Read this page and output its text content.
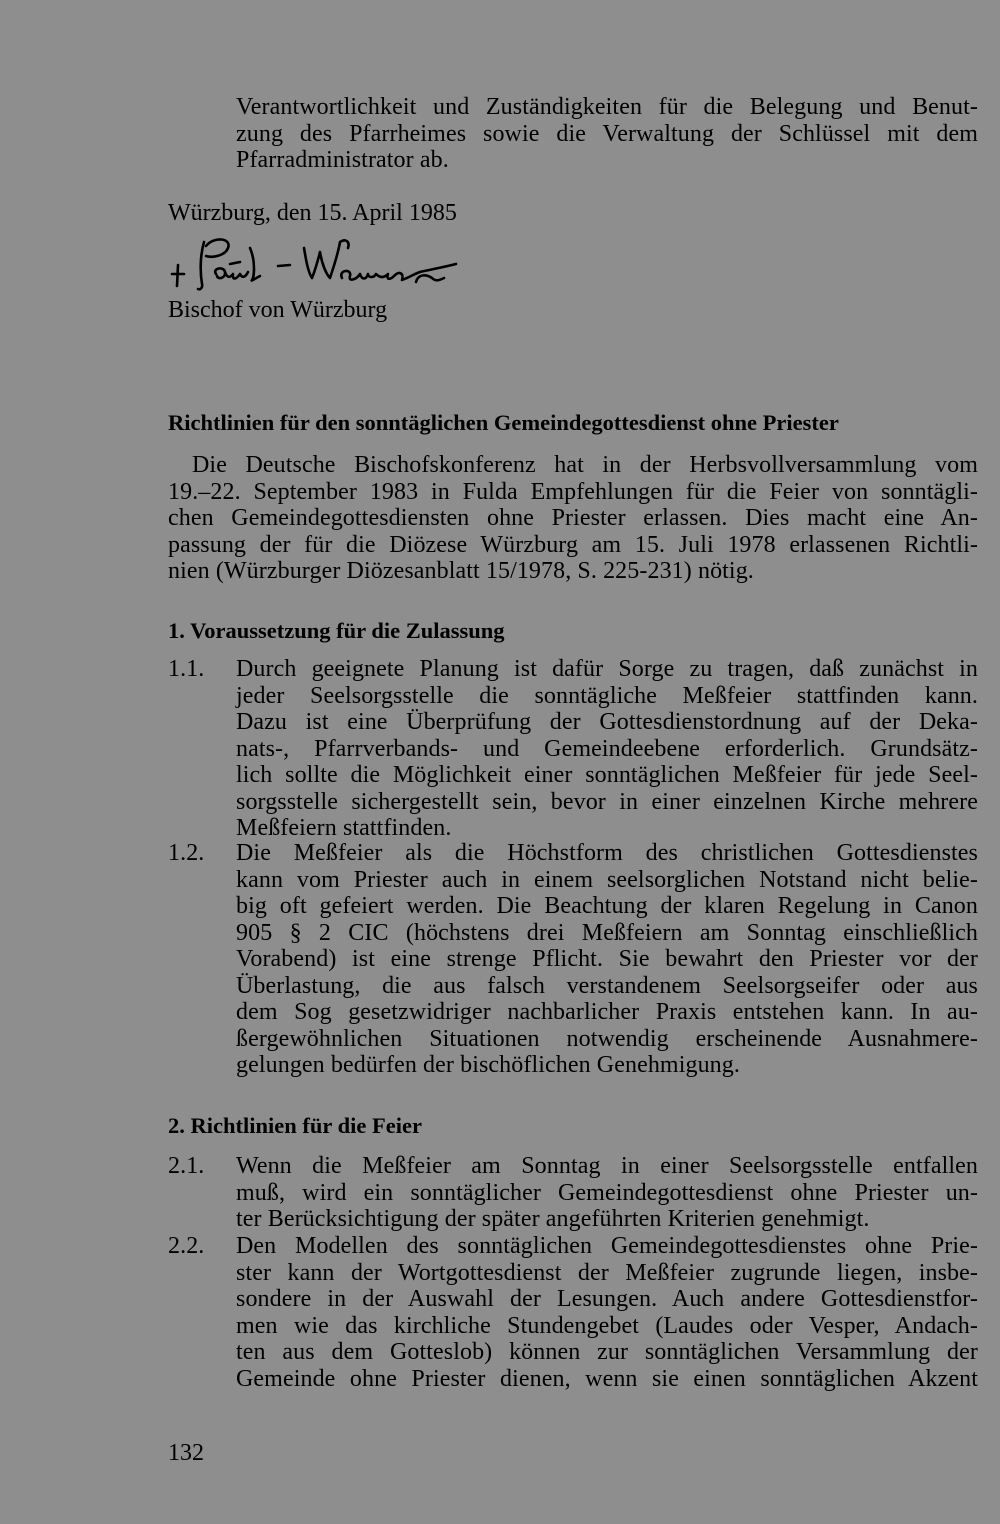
Verantwortlichkeit und Zuständigkeiten für die Belegung und Benut-
zung des Pfarrheimes sowie die Verwaltung der Schlüssel mit dem
Pfarradministrator ab.
Würzburg, den 15. April 1985
Bischof von Würzburg
Richtlinien für den sonntäglichen Gemeindegottesdienst ohne Priester
Die Deutsche Bischofskonferenz hat in der Herbsvollversammlung vom
19.–22. September 1983 in Fulda Empfehlungen für die Feier von sonntägli-
chen Gemeindegottesdiensten ohne Priester erlassen. Dies macht eine An-
passung der für die Diözese Würzburg am 15. Juli 1978 erlassenen Richtli-
nien (Würzburger Diözesanblatt 15/1978, S. 225-231) nötig.
1. Voraussetzung für die Zulassung
1.1.	Durch geeignete Planung ist dafür Sorge zu tragen, daß zunächst in
jeder Seelsorgsstelle die sonntägliche Meßfeier stattfinden kann.
Dazu ist eine Überprüfung der Gottesdienstordnung auf der Deka-
nats-, Pfarrverbands- und Gemeindeebene erforderlich. Grundsätz-
lich sollte die Möglichkeit einer sonntäglichen Meßfeier für jede Seel-
sorgsstelle sichergestellt sein, bevor in einer einzelnen Kirche mehrere
Meßfeiern stattfinden.
1.2.	Die Meßfeier als die Höchstform des christlichen Gottesdienstes
kann vom Priester auch in einem seelsorglichen Notstand nicht belie-
big oft gefeiert werden. Die Beachtung der klaren Regelung in Canon
905 § 2 CIC (höchstens drei Meßfeiern am Sonntag einschließlich
Vorabend) ist eine strenge Pflicht. Sie bewahrt den Priester vor der
Überlastung, die aus falsch verstandenem Seelsorgseifer oder aus
dem Sog gesetzwidriger nachbarlicher Praxis entstehen kann. In au-
ßergewöhnlichen Situationen notwendig erscheinende Ausnahmere-
gelungen bedürfen der bischöflichen Genehmigung.
2. Richtlinien für die Feier
2.1.	Wenn die Meßfeier am Sonntag in einer Seelsorgsstelle entfallen
muß, wird ein sonntäglicher Gemeindegottesdienst ohne Priester un-
ter Berücksichtigung der später angeführten Kriterien genehmigt.
2.2.	Den Modellen des sonntäglichen Gemeindegottesdienstes ohne Prie-
ster kann der Wortgottesdienst der Meßfeier zugrunde liegen, insbe-
sondere in der Auswahl der Lesungen. Auch andere Gottesdienstfor-
men wie das kirchliche Stundengebet (Laudes oder Vesper, Andach-
ten aus dem Gotteslob) können zur sonntäglichen Versammlung der
Gemeinde ohne Priester dienen, wenn sie einen sonntäglichen Akzent
132
